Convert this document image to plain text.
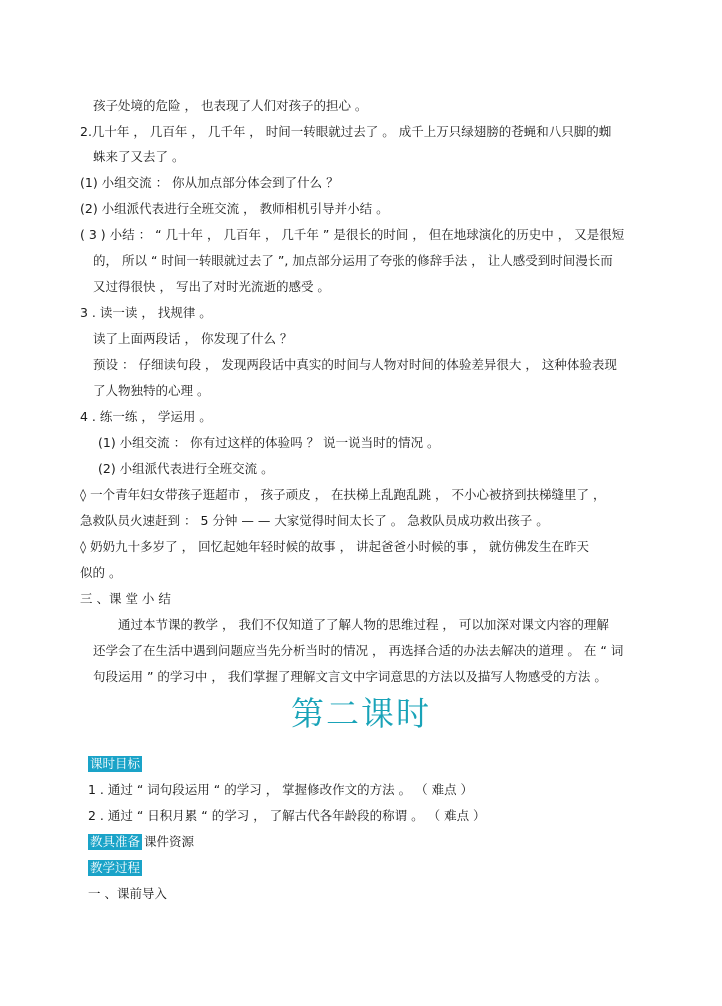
孩子处境的危险 ， 也表现了人们对孩子的担心 。
2.几十年 ， 几百年 ， 几千年 ， 时间一转眼就过去了 。 成千上万只绿翅膀的苍蝇和八只脚的蜘
蛛来了又去了 。
(1) 小组交流 ： 你从加点部分体会到了什么 ？
(2) 小组派代表进行全班交流 ， 教师相机引导并小结 。
( 3 ) 小结 ： “ 几十年 ， 几百年 ， 几千年 ” 是很长的时间 ， 但在地球演化的历史中 ， 又是很短
的， 所以 “ 时间一转眼就过去了 ”, 加点部分运用了夸张的修辞手法 ， 让人感受到时间漫长而
又过得很快 ， 写出了对时光流逝的感受 。
3 . 读一读 ， 找规律 。
读了上面两段话 ， 你发现了什么 ？
预设 ： 仔细读句段 ， 发现两段话中真实的时间与人物对时间的体验差异很大 ， 这种体验表现
了人物独特的心理 。
4 . 练一练 ， 学运用 。
(1) 小组交流 ： 你有过这样的体验吗 ？ 说一说当时的情况 。
(2) 小组派代表进行全班交流 。
◊ 一个青年妇女带孩子逛超市 ， 孩子顽皮 ， 在扶梯上乱跑乱跳 ， 不小心被挤到扶梯缝里了 ，
急救队员火速赶到 ： 5 分钟 — — 大家觉得时间太长了 。 急救队员成功救出孩子 。
◊ 奶奶九十多岁了 ， 回忆起她年轻时候的故事 ， 讲起爸爸小时候的事 ， 就仿佛发生在昨天
似的 。
三 、课 堂 小 结
通过本节课的教学 ， 我们不仅知道了了解人物的思维过程 ， 可以加深对课文内容的理解
还学会了在生活中遇到问题应当先分析当时的情况 ， 再选择合适的办法去解决的道理 。 在 “ 词
句段运用 ” 的学习中 ， 我们掌握了理解文言文中字词意思的方法以及描写人物感受的方法 。
第二课时
课时目标
1 . 通过 “ 词句段运用 “ 的学习 ， 掌握修改作文的方法 。 （ 难点 ）
2 . 通过 “ 日积月累 “ 的学习 ， 了解古代各年龄段的称谓 。 （ 难点 ）
教具准备 课件资源
教学过程
一 、课前导入
